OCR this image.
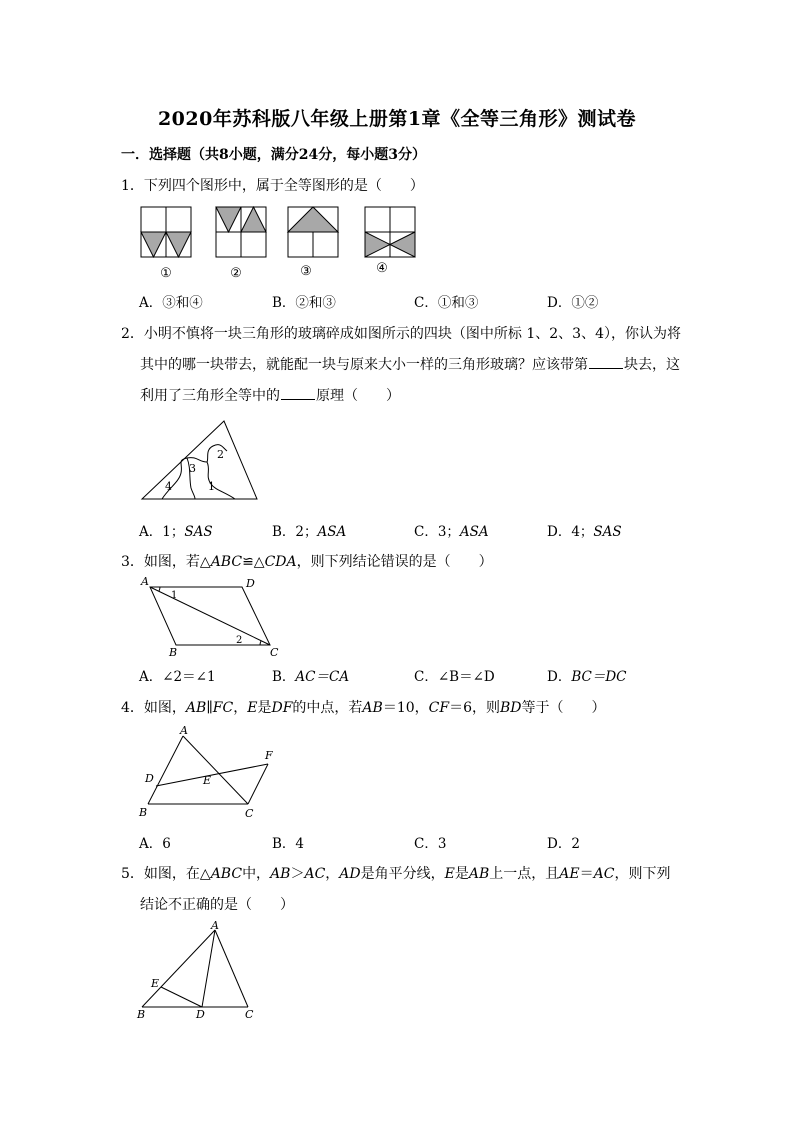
2020年苏科版八年级上册第1章《全等三角形》测试卷
一．选择题（共8小题，满分24分，每小题3分）
1．下列四个图形中，属于全等图形的是（　　）
①	②	③	④
A．③和④	B．②和③	C．①和③	D．①②
2．小明不慎将一块三角形的玻璃碎成如图所示的四块（图中所标 1、2、3、4），你认为将
其中的哪一块带去，就能配一块与原来大小一样的三角形玻璃？应该带第	块去，这
利用了三角形全等中的	原理（　　）
2
3
4	1
A．1；SAS	B．2；ASA	C．3；ASA	D．4；SAS
3．如图，若△ABC≌△CDA，则下列结论错误的是（　　）
A	D
B	C
1
2
A．∠2＝∠1	B．AC＝CA	C．∠B＝∠D	D．BC＝DC
4．如图，AB∥FC，E是DF的中点，若AB＝10，CF＝6，则BD等于（　　）
A
D	E
F
B	C
A．6	B．4	C．3	D．2
5．如图，在△ABC中，AB＞AC，AD是角平分线，E是AB上一点，且AE＝AC，则下列
结论不正确的是（　　）
A
E
B	D	C
